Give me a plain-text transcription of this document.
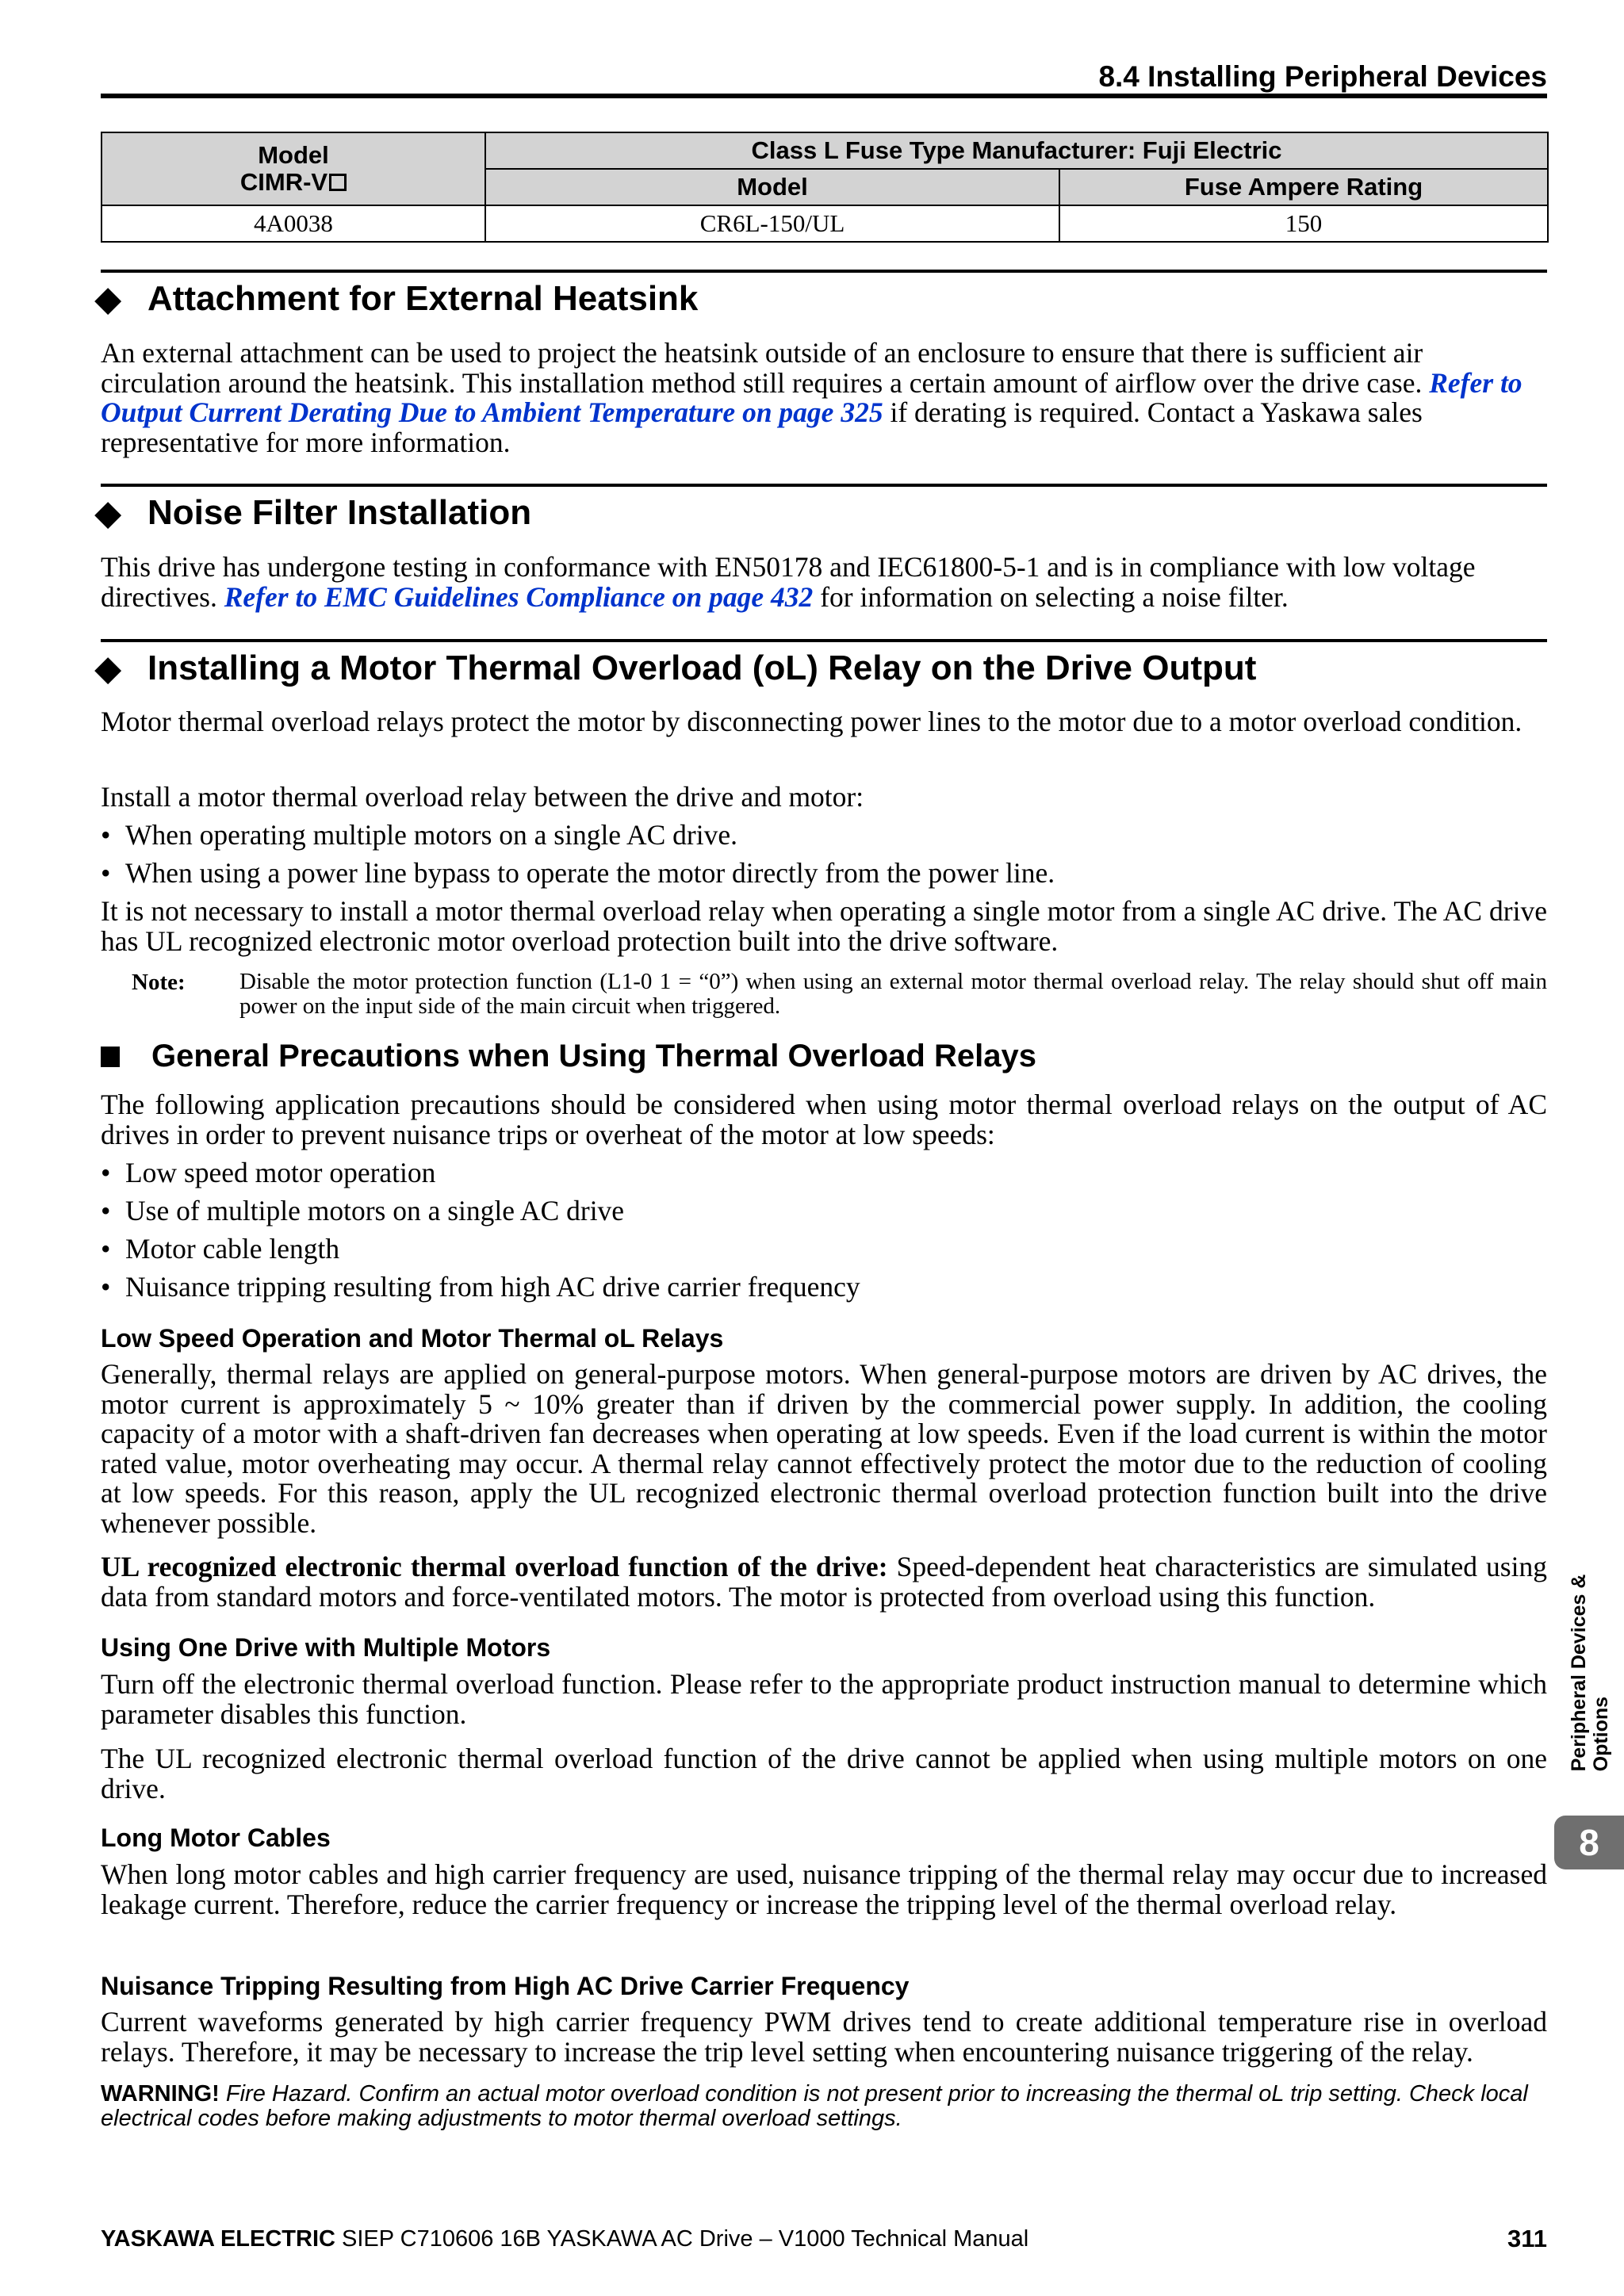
8.4 Installing Peripheral Devices
Model
CIMR-V	Class L Fuse Type Manufacturer: Fuji Electric	
	Model	Fuse Ampere Rating
4A0038	CR6L-150/UL	150
◆ Attachment for External Heatsink
An external attachment can be used to project the heatsink outside of an enclosure to ensure that there is sufficient air circulation around the heatsink. This installation method still requires a certain amount of airflow over the drive case. Refer to Output Current Derating Due to Ambient Temperature on page 325 if derating is required. Contact a Yaskawa sales representative for more information.
◆ Noise Filter Installation
This drive has undergone testing in conformance with EN50178 and IEC61800-5-1 and is in compliance with low voltage directives. Refer to EMC Guidelines Compliance on page 432 for information on selecting a noise filter.
◆ Installing a Motor Thermal Overload (oL) Relay on the Drive Output
Motor thermal overload relays protect the motor by disconnecting power lines to the motor due to a motor overload condition.
Install a motor thermal overload relay between the drive and motor:
• When operating multiple motors on a single AC drive.
• When using a power line bypass to operate the motor directly from the power line.
It is not necessary to install a motor thermal overload relay when operating a single motor from a single AC drive. The AC drive has UL recognized electronic motor overload protection built into the drive software.
Note: Disable the motor protection function (L1-0 1 = “0”) when using an external motor thermal overload relay. The relay should shut off main power on the input side of the main circuit when triggered.
General Precautions when Using Thermal Overload Relays
The following application precautions should be considered when using motor thermal overload relays on the output of AC drives in order to prevent nuisance trips or overheat of the motor at low speeds:
• Low speed motor operation
• Use of multiple motors on a single AC drive
• Motor cable length
• Nuisance tripping resulting from high AC drive carrier frequency
Low Speed Operation and Motor Thermal oL Relays
Generally, thermal relays are applied on general-purpose motors. When general-purpose motors are driven by AC drives, the motor current is approximately 5 ~ 10% greater than if driven by the commercial power supply. In addition, the cooling capacity of a motor with a shaft-driven fan decreases when operating at low speeds. Even if the load current is within the motor rated value, motor overheating may occur. A thermal relay cannot effectively protect the motor due to the reduction of cooling at low speeds. For this reason, apply the UL recognized electronic thermal overload protection function built into the drive whenever possible.
UL recognized electronic thermal overload function of the drive: Speed-dependent heat characteristics are simulated using data from standard motors and force-ventilated motors. The motor is protected from overload using this function.
Using One Drive with Multiple Motors
Turn off the electronic thermal overload function. Please refer to the appropriate product instruction manual to determine which parameter disables this function.
The UL recognized electronic thermal overload function of the drive cannot be applied when using multiple motors on one drive.
Long Motor Cables
When long motor cables and high carrier frequency are used, nuisance tripping of the thermal relay may occur due to increased leakage current. Therefore, reduce the carrier frequency or increase the tripping level of the thermal overload relay.
Nuisance Tripping Resulting from High AC Drive Carrier Frequency
Current waveforms generated by high carrier frequency PWM drives tend to create additional temperature rise in overload relays. Therefore, it may be necessary to increase the trip level setting when encountering nuisance triggering of the relay.
WARNING! Fire Hazard. Confirm an actual motor overload condition is not present prior to increasing the thermal oL trip setting. Check local electrical codes before making adjustments to motor thermal overload settings.
Peripheral Devices &
Options
8
YASKAWA ELECTRIC SIEP C710606 16B YASKAWA AC Drive – V1000 Technical Manual	311
